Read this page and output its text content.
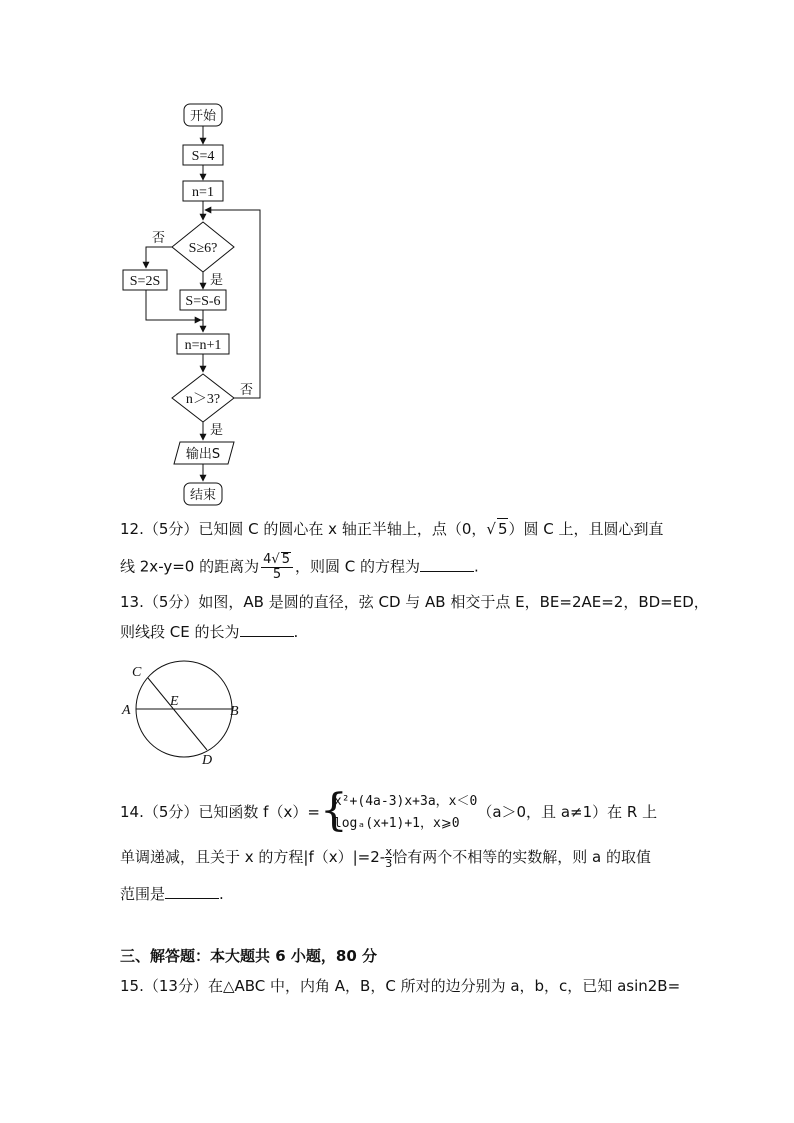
开始
S=4
n=1
S≥6?
否
是
S=2S
S=S-6
n=n+1
n＞3?
否
是
输出S
结束
12.（5分）已知圆 C 的圆心在 x 轴正半轴上，点（0，√ 5）圆 C 上，且圆心到直
线 2x-y=0 的距离为 $\frac{4√ 5}{5}$ ，则圆 C 的方程为	.
13.（5分）如图，AB 是圆的直径，弦 CD 与 AB 相交于点 E，BE=2AE=2，BD=ED，
则线段 CE 的长为	.
C
A
E
B
D
14.（5分）已知函数 f（x）= {
x²+(4a-3)x+3a，x＜0
logₐ(x+1)+1，x⩾0
（a＞0，且 a≠1）在 R 上
单调递减，且关于 x 的方程$|f(x)|=2- \frac{x}{3}$ 恰有两个不相等的实数解，则 a 的取值
范围是	.
三、解答题：本大题共 6 小题，80 分
15.（13分）在△ABC 中，内角 A，B，C 所对的边分别为 a，b，c，已知 asin2B=
